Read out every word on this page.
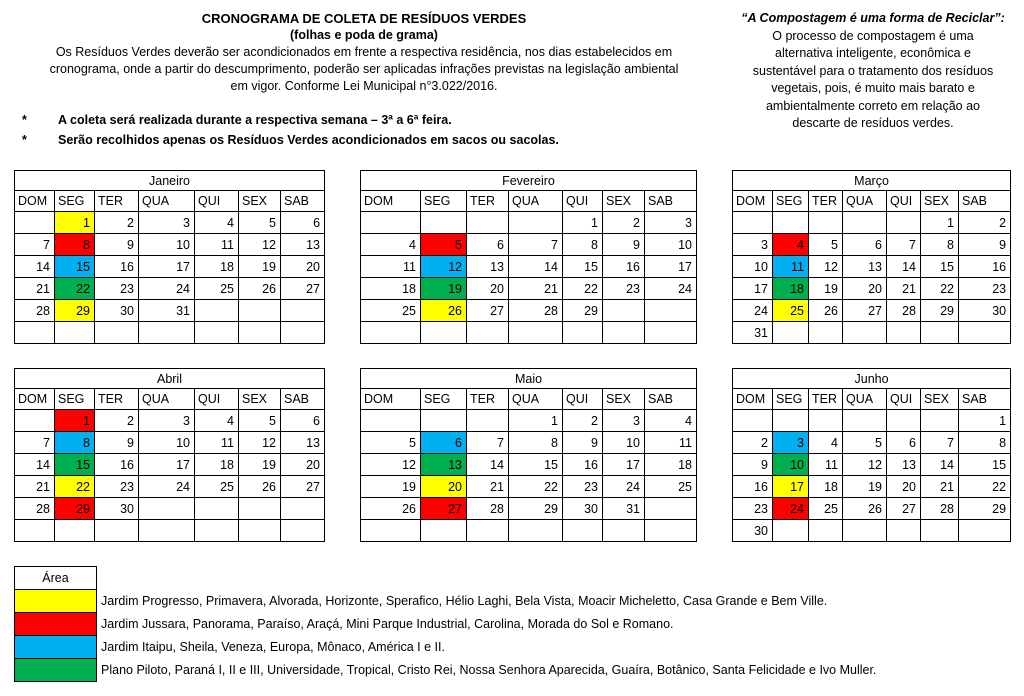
CRONOGRAMA DE COLETA DE RESÍDUOS VERDES
(folhas e poda de grama)
Os Resíduos Verdes deverão ser acondicionados em frente a respectiva residência, nos dias estabelecidos em
cronograma, onde a partir do descumprimento, poderão ser aplicadas infrações previstas na legislação ambiental
em vigor. Conforme Lei Municipal n°3.022/2016.
*	A coleta será realizada durante a respectiva semana – 3ª a 6ª feira.
*	Serão recolhidos apenas os Resíduos Verdes acondicionados em sacos ou sacolas.
“A Compostagem é uma forma de Reciclar”:
O processo de compostagem é uma
alternativa inteligente, econômica e
sustentável para o tratamento dos resíduos
vegetais, pois, é muito mais barato e
ambientalmente correto em relação ao
descarte de resíduos verdes.
Janeiro						
DOM	SEG	TER	QUA	QUI	SEX	SAB
	1	2	3	4	5	6
7	8	9	10	11	12	13
14	15	16	17	18	19	20
21	22	23	24	25	26	27
28	29	30	31			

Fevereiro						
DOM	SEG	TER	QUA	QUI	SEX	SAB
				1	2	3
4	5	6	7	8	9	10
11	12	13	14	15	16	17
18	19	20	21	22	23	24
25	26	27	28	29		

Março						
DOM	SEG	TER	QUA	QUI	SEX	SAB
					1	2
3	4	5	6	7	8	9
10	11	12	13	14	15	16
17	18	19	20	21	22	23
24	25	26	27	28	29	30
31						
Abril						
DOM	SEG	TER	QUA	QUI	SEX	SAB
	1	2	3	4	5	6
7	8	9	10	11	12	13
14	15	16	17	18	19	20
21	22	23	24	25	26	27
28	29	30				

Maio						
DOM	SEG	TER	QUA	QUI	SEX	SAB
			1	2	3	4
5	6	7	8	9	10	11
12	13	14	15	16	17	18
19	20	21	22	23	24	25
26	27	28	29	30	31	

Junho						
DOM	SEG	TER	QUA	QUI	SEX	SAB
						1
2	3	4	5	6	7	8
9	10	11	12	13	14	15
16	17	18	19	20	21	22
23	24	25	26	27	28	29
30						
Área	
	Jardim Progresso, Primavera, Alvorada, Horizonte, Sperafico, Hélio Laghi, Bela Vista, Moacir Micheletto, Casa Grande e Bem Ville.
	Jardim Jussara, Panorama, Paraíso, Araçá, Mini Parque Industrial, Carolina, Morada do Sol e Romano.
	Jardim Itaipu, Sheila, Veneza, Europa, Mônaco, América I e II.
	Plano Piloto, Paraná I, II e III, Universidade, Tropical, Cristo Rei, Nossa Senhora Aparecida, Guaíra, Botânico, Santa Felicidade e Ivo Muller.
